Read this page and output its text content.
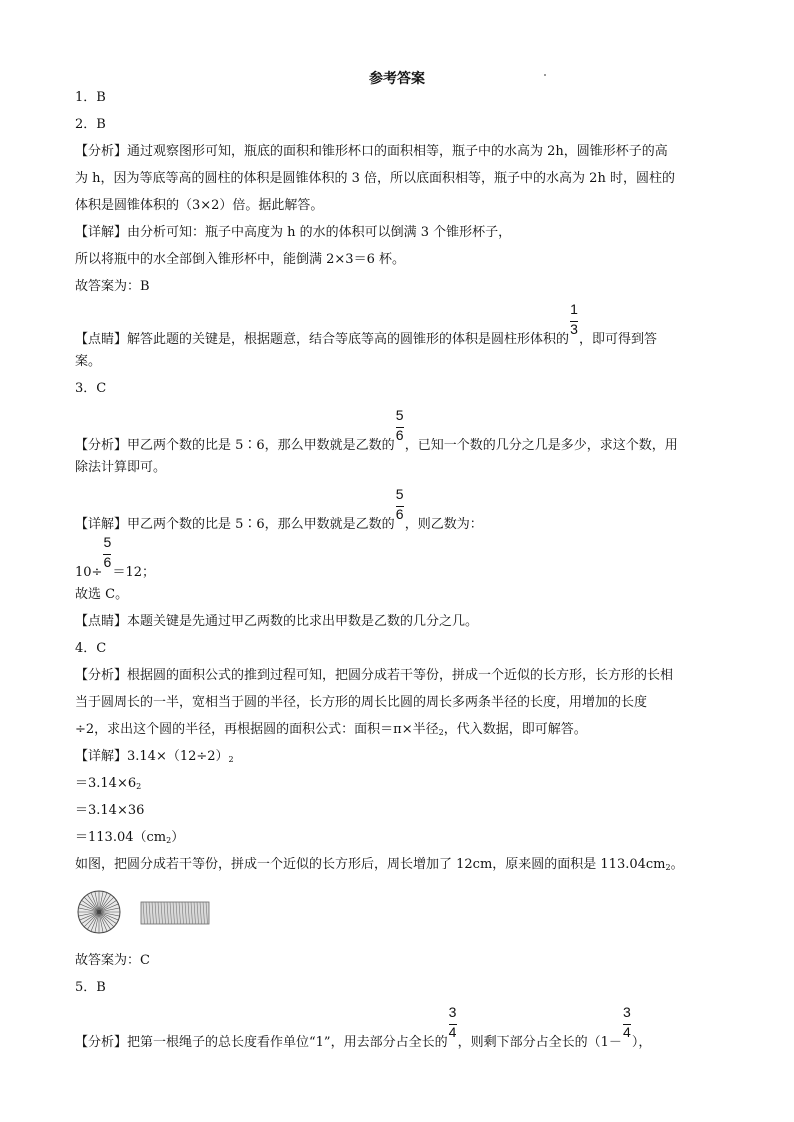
参考答案
1．B
2．B
【分析】通过观察图形可知，瓶底的面积和锥形杯口的面积相等，瓶子中的水高为 2h，圆锥形杯子的高
为 h，因为等底等高的圆柱的体积是圆锥体积的 3 倍，所以底面积相等，瓶子中的水高为 2h 时，圆柱的
体积是圆锥体积的（3×2）倍。据此解答。
【详解】由分析可知：瓶子中高度为 h 的水的体积可以倒满 3 个锥形杯子，
所以将瓶中的水全部倒入锥形杯中，能倒满 2×3＝6 杯。
故答案为：B
【点睛】解答此题的关键是，根据题意，结合等底等高的圆锥形的体积是圆柱形体积的 $\frac{1}{3}$ ，即可得到答
案。
3．C
【分析】甲乙两个数的比是 5∶6，那么甲数就是乙数的 $\frac{5}{6}$ ，已知一个数的几分之几是多少，求这个数，用
除法计算即可。
【详解】甲乙两个数的比是 5∶6，那么甲数就是乙数的 $\frac{5}{6}$ ，则乙数为：
$10\div \frac{5}{6} =12$；
故选 C。
【点睛】本题关键是先通过甲乙两数的比求出甲数是乙数的几分之几。
4．C
【分析】根据圆的面积公式的推到过程可知，把圆分成若干等份，拼成一个近似的长方形，长方形的长相
当于圆周长的一半，宽相当于圆的半径，长方形的周长比圆的周长多两条半径的长度，用增加的长度
÷2，求出这个圆的半径，再根据圆的面积公式：面积＝π×半径$_2$，代入数据，即可解答。
【详解】$3.14\times(12\div 2)_2$
$=3.14\times 6_2$
＝3.14×36
$=113.04(cm_2)$
如图，把圆分成若干等份，拼成一个近似的长方形后，周长增加了 12cm，原来圆的面积是 $113.04cm_2$。
故答案为：C
5．B
【分析】把第一根绳子的总长度看作单位“1”，用去部分占全长的 $\frac{3}{4}$ ，则剩下部分占全长的（$1- \frac{3}{4}$ ），
